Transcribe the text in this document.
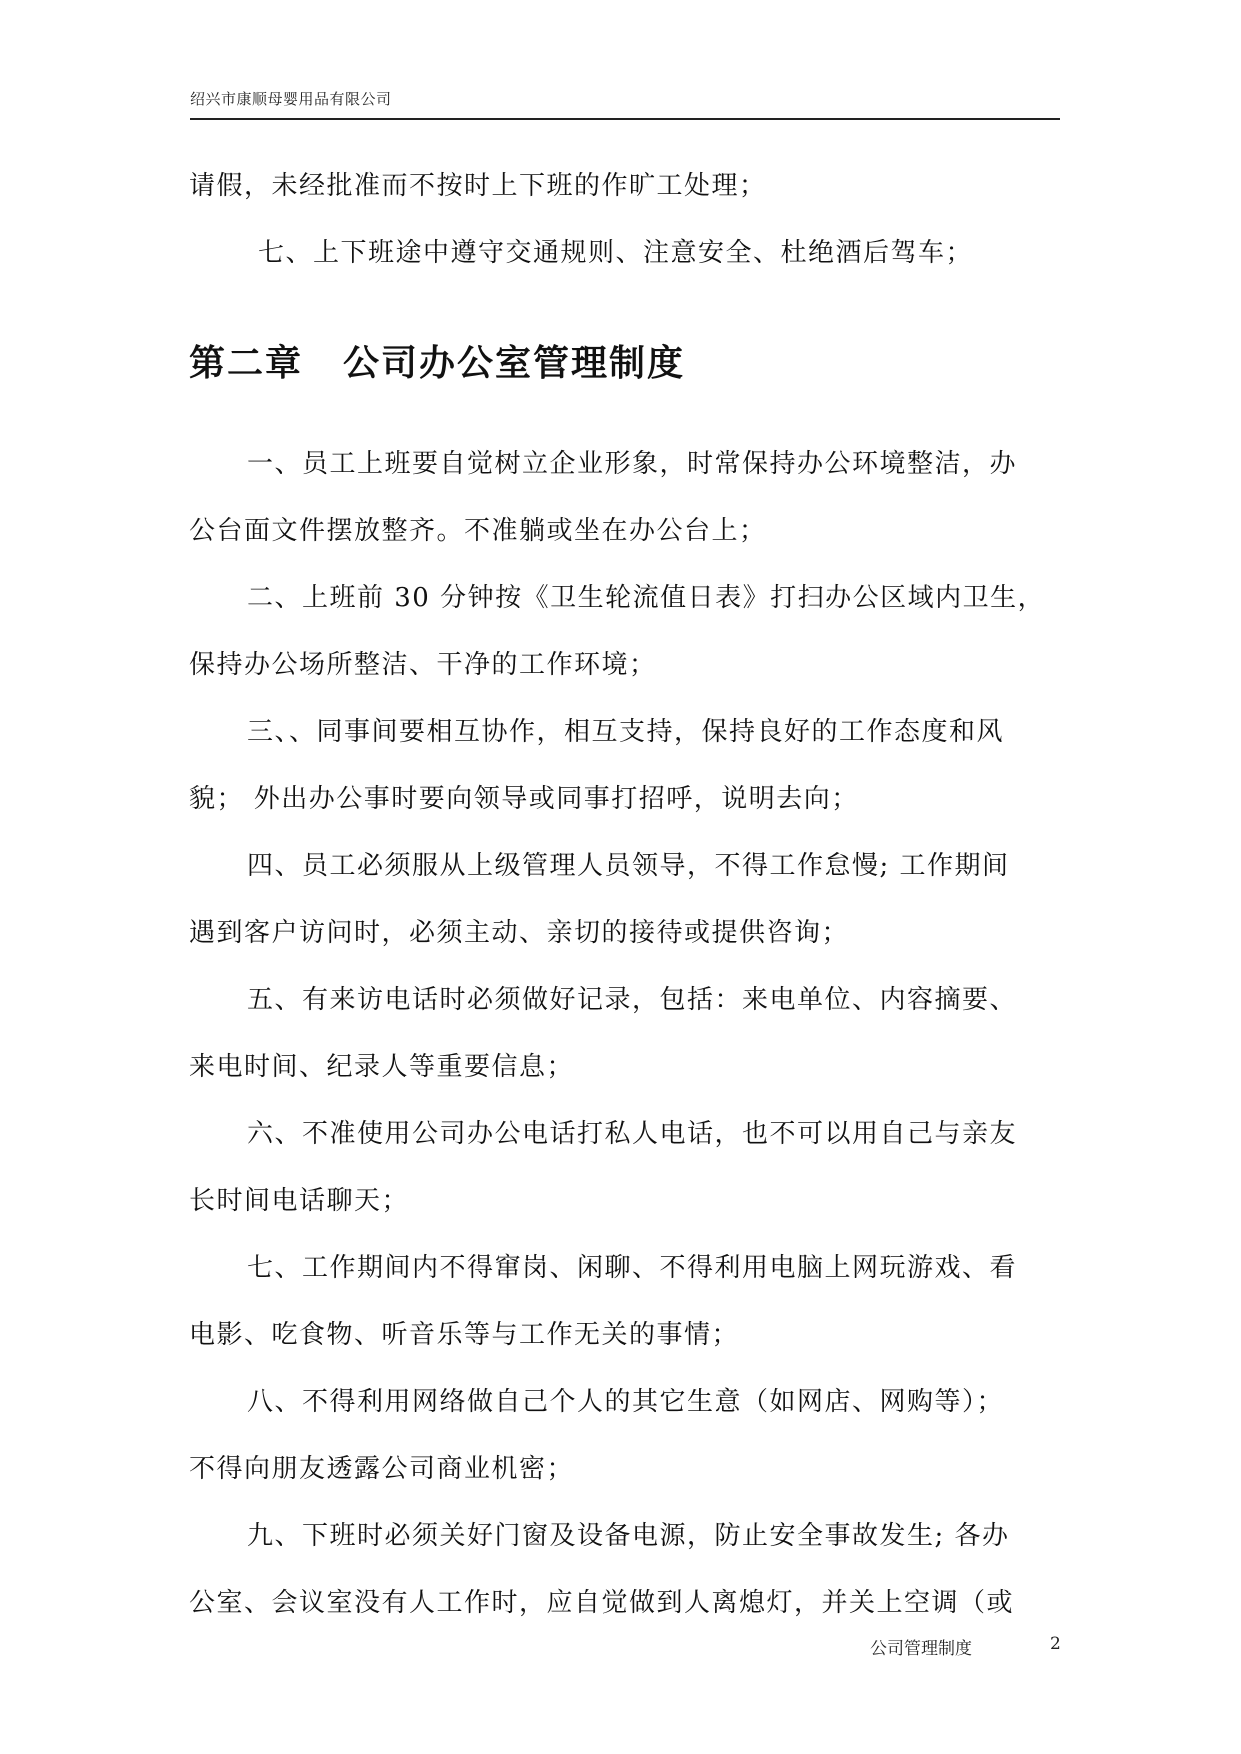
绍兴市康顺母婴用品有限公司
请假，未经批准而不按时上下班的作旷工处理；
七、上下班途中遵守交通规则、注意安全、杜绝酒后驾车；
第二章 公司办公室管理制度
一、员工上班要自觉树立企业形象，时常保持办公环境整洁，办
公台面文件摆放整齐。不准躺或坐在办公台上；
二、上班前 30 分钟按《卫生轮流值日表》打扫办公区域内卫生，
保持办公场所整洁、干净的工作环境；
三、、同事间要相互协作，相互支持，保持良好的工作态度和风
貌； 外出办公事时要向领导或同事打招呼，说明去向；
四、员工必须服从上级管理人员领导，不得工作怠慢; 工作期间
遇到客户访问时，必须主动、亲切的接待或提供咨询；
五、有来访电话时必须做好记录，包括：来电单位、内容摘要、
来电时间、纪录人等重要信息；
六、不准使用公司办公电话打私人电话，也不可以用自己与亲友
长时间电话聊天；
七、工作期间内不得窜岗、闲聊、不得利用电脑上网玩游戏、看
电影、吃食物、听音乐等与工作无关的事情；
八、不得利用网络做自己个人的其它生意（如网店、网购等）；
不得向朋友透露公司商业机密；
九、下班时必须关好门窗及设备电源，防止安全事故发生; 各办
公室、会议室没有人工作时，应自觉做到人离熄灯，并关上空调（或
公司管理制度	2
